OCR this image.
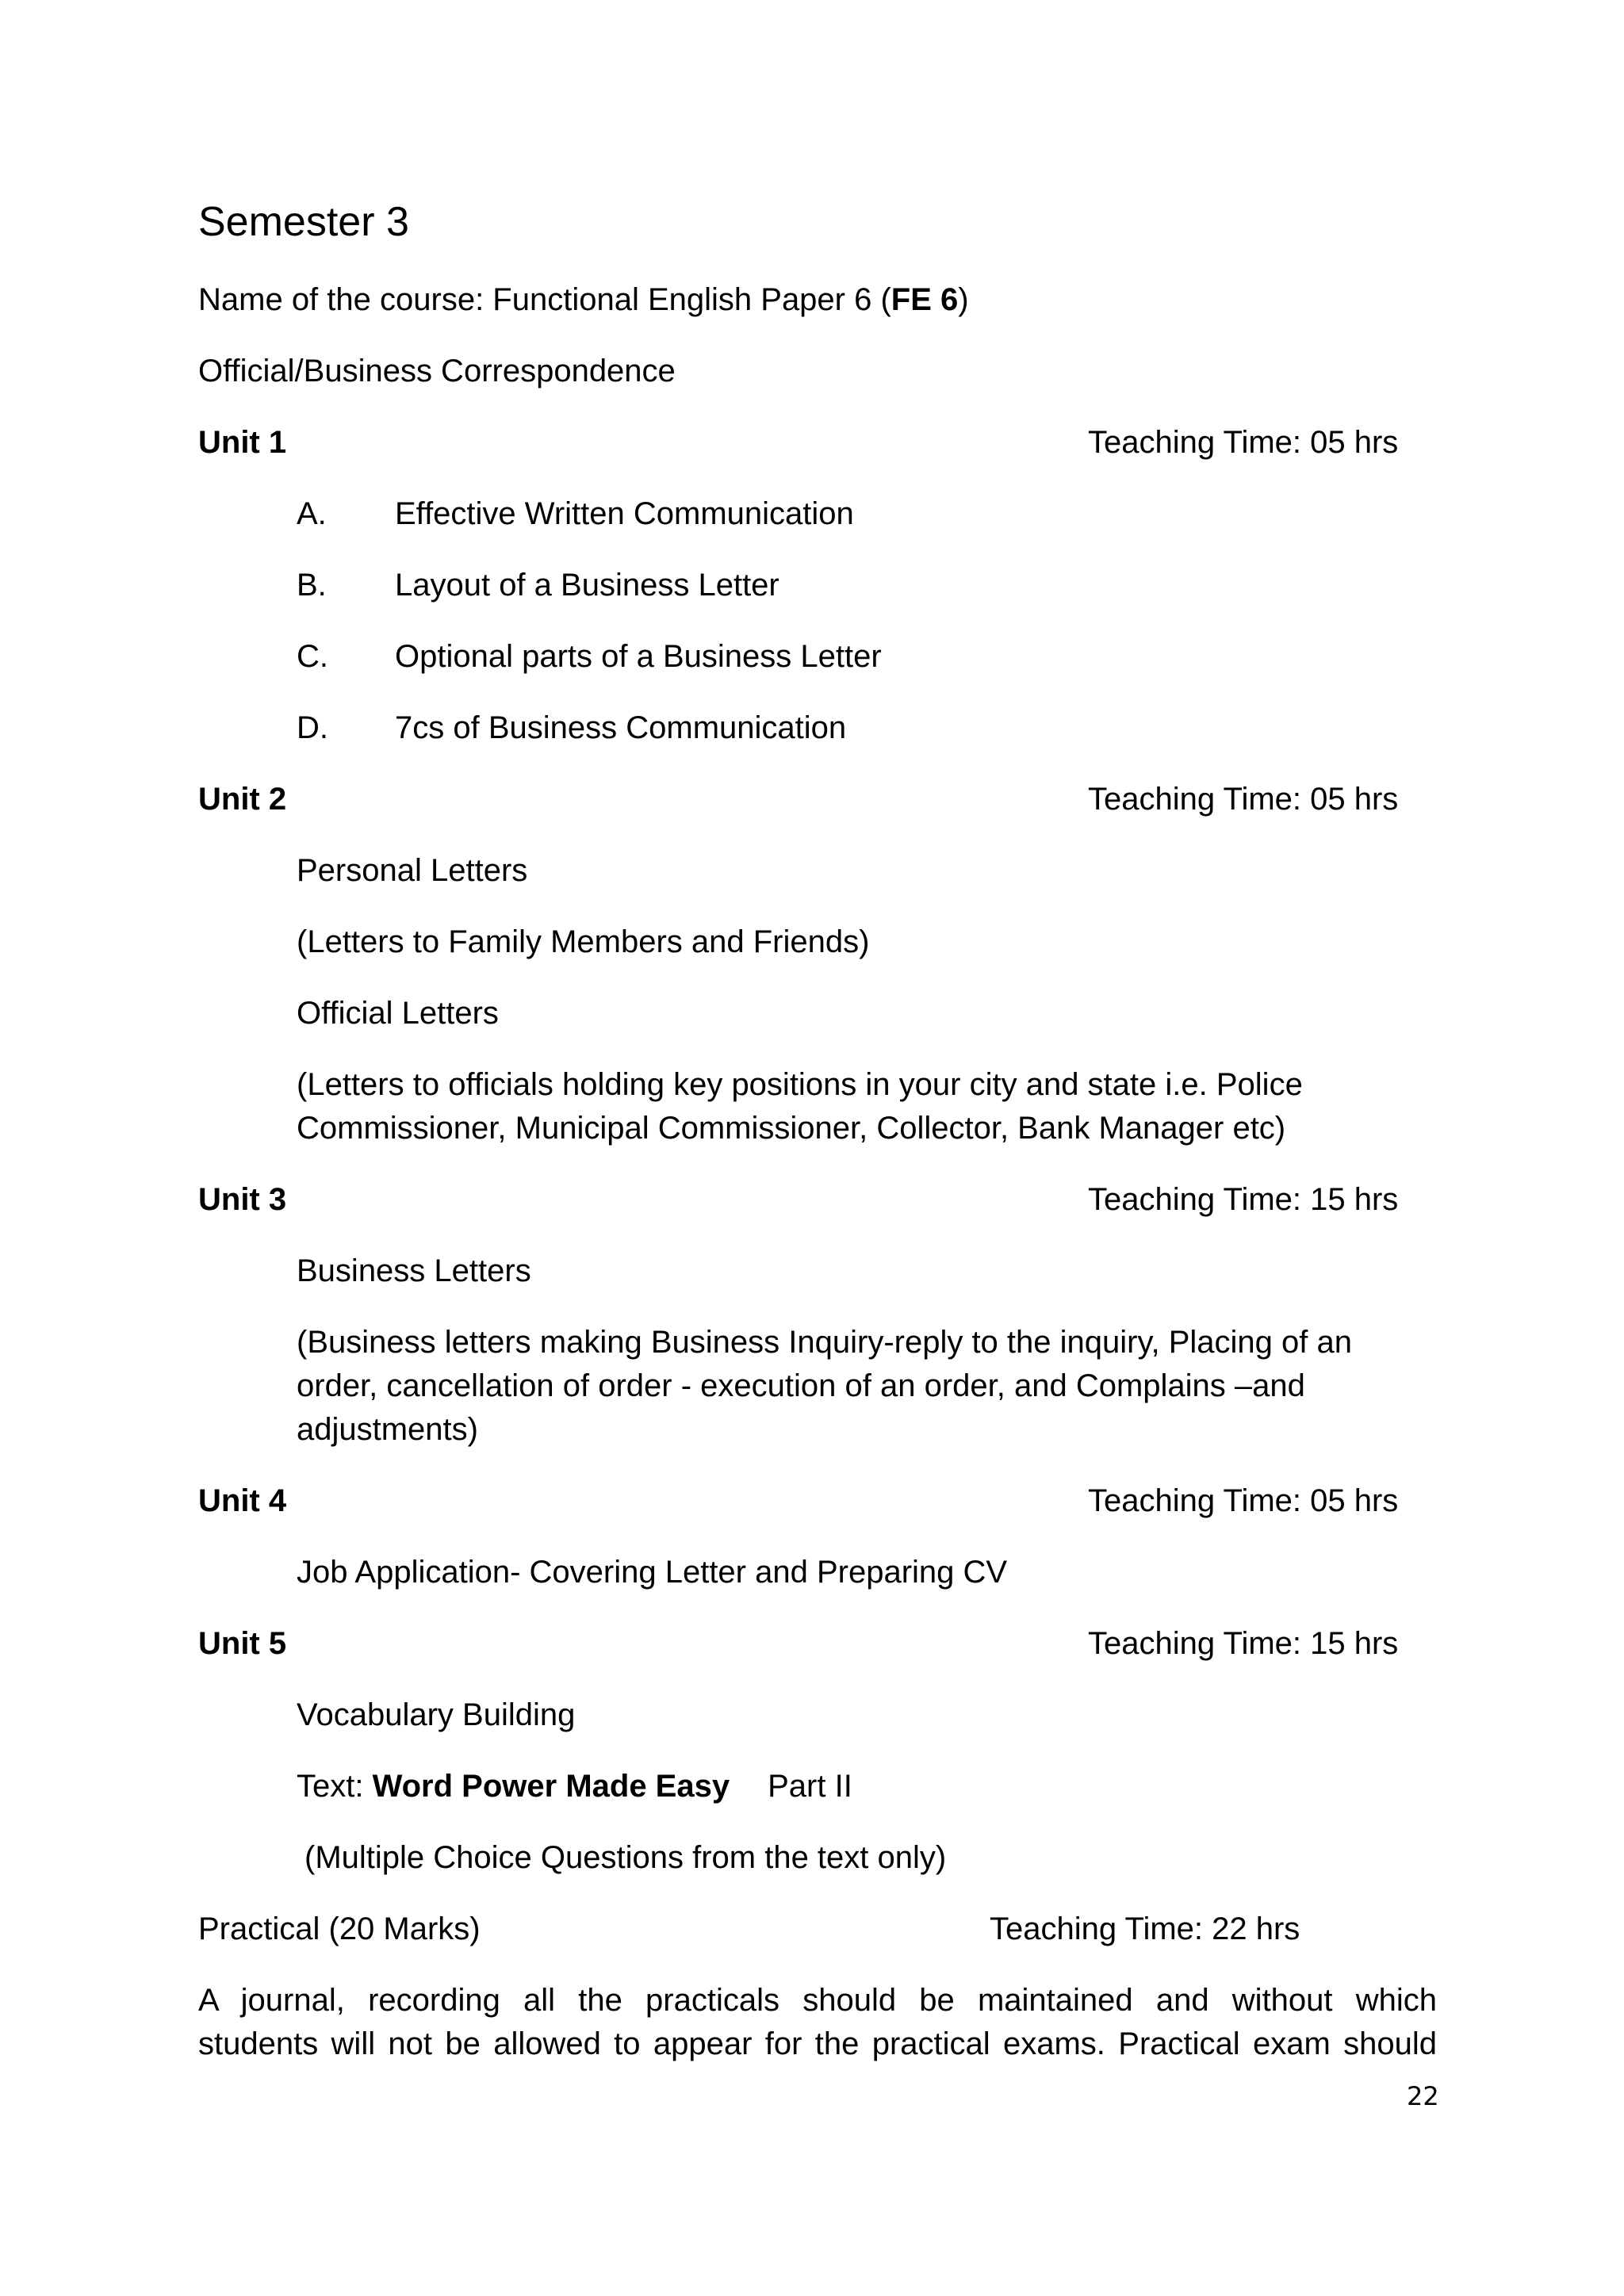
Semester 3
Name of the course: Functional English Paper 6 (FE 6)
Official/Business Correspondence
Unit 1	Teaching Time: 05 hrs
A. Effective Written Communication
B. Layout of a Business Letter
C. Optional parts of a Business Letter
D. 7cs of Business Communication
Unit 2	Teaching Time: 05 hrs
Personal Letters
(Letters to Family Members and Friends)
Official Letters
(Letters to officials holding key positions in your city and state i.e. Police
Commissioner, Municipal Commissioner, Collector, Bank Manager etc)
Unit 3	Teaching Time: 15 hrs
Business Letters
(Business letters making Business Inquiry-reply to the inquiry, Placing of an
order, cancellation of order - execution of an order, and Complains –and
adjustments)
Unit 4	Teaching Time: 05 hrs
Job Application- Covering Letter and Preparing CV
Unit 5	Teaching Time: 15 hrs
Vocabulary Building
Text: Word Power Made Easy Part II
(Multiple Choice Questions from the text only)
Practical (20 Marks)	Teaching Time: 22 hrs
A journal, recording all the practicals should be maintained and without which
students will not be allowed to appear for the practical exams. Practical exam should
22
